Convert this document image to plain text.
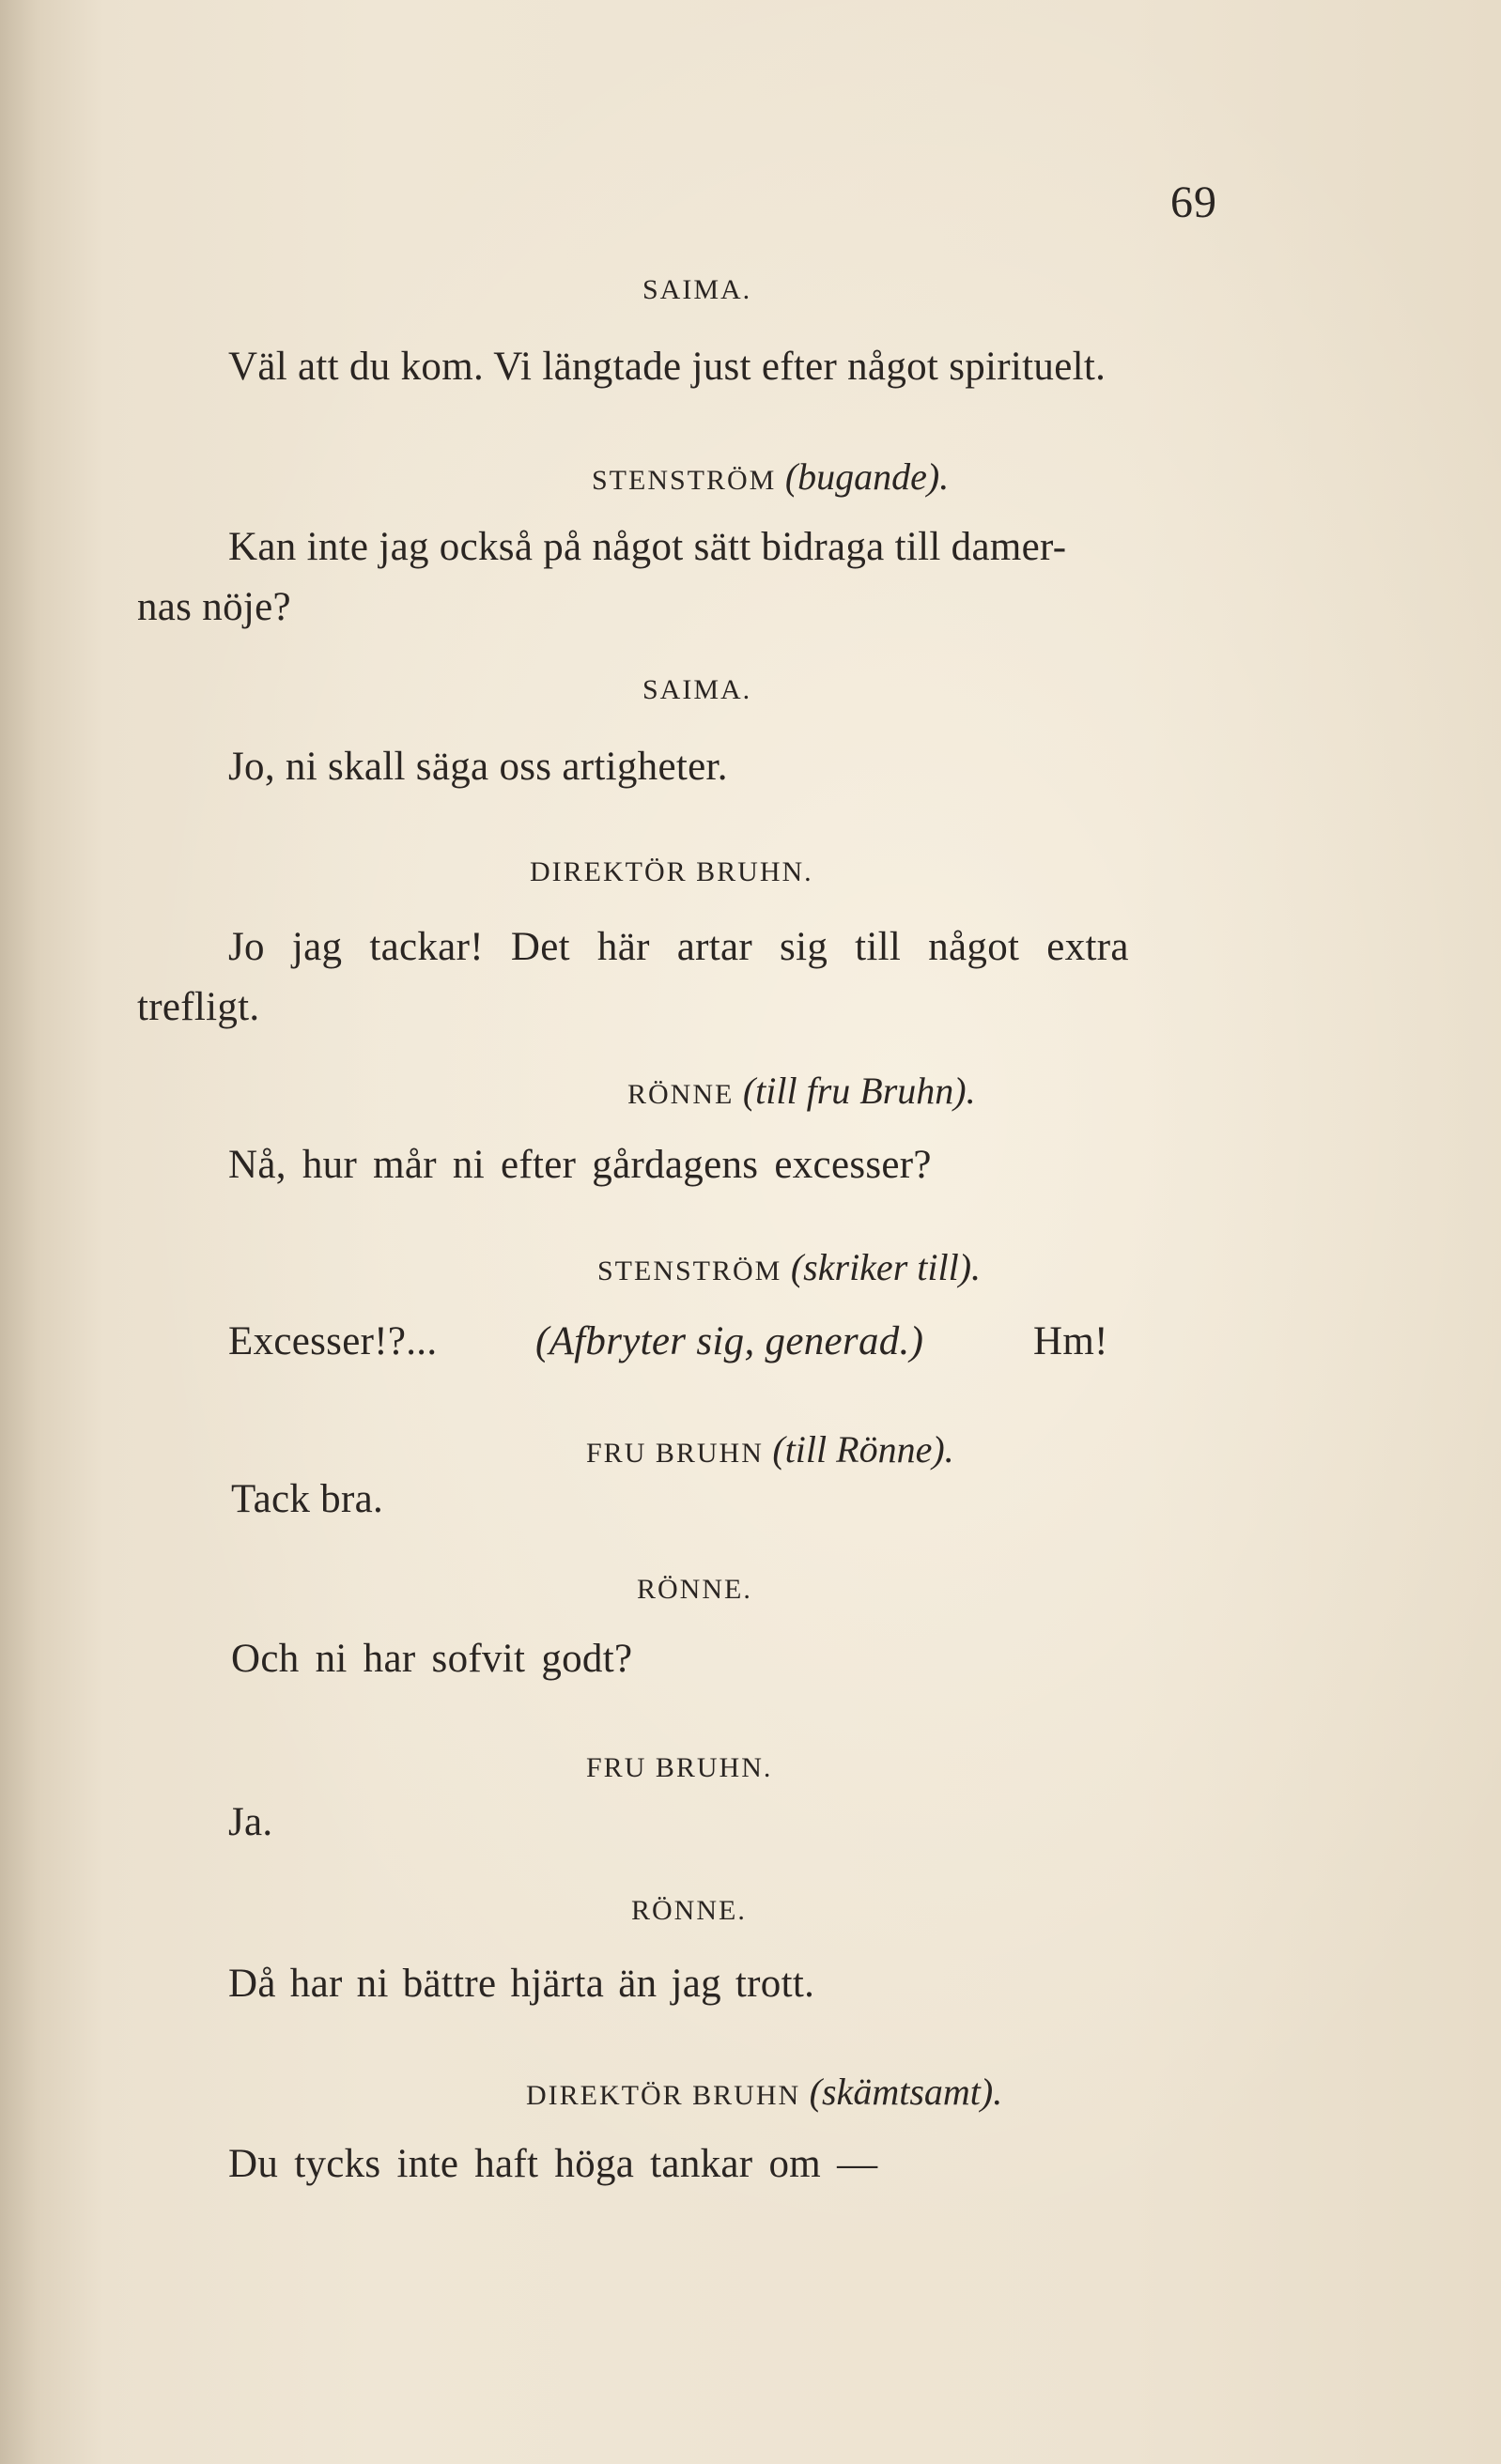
69
SAIMA.
Väl att du kom. Vi längtade just efter något spirituelt.
STENSTRÖM (bugande).
Kan inte jag också på något sätt bidraga till damer-
nas nöje?
SAIMA.
Jo, ni skall säga oss artigheter.
DIREKTÖR BRUHN.
Jo jag tackar! Det här artar sig till något extra
trefligt.
RÖNNE (till fru Bruhn).
Nå, hur mår ni efter gårdagens excesser?
STENSTRÖM (skriker till).
Excesser!?... (Afbryter sig, generad.)	Hm!
FRU BRUHN (till Rönne).
Tack bra.
RÖNNE.
Och ni har sofvit godt?
FRU BRUHN.
Ja.
RÖNNE.
Då har ni bättre hjärta än jag trott.
DIREKTÖR BRUHN (skämtsamt).
Du tycks inte haft höga tankar om —
